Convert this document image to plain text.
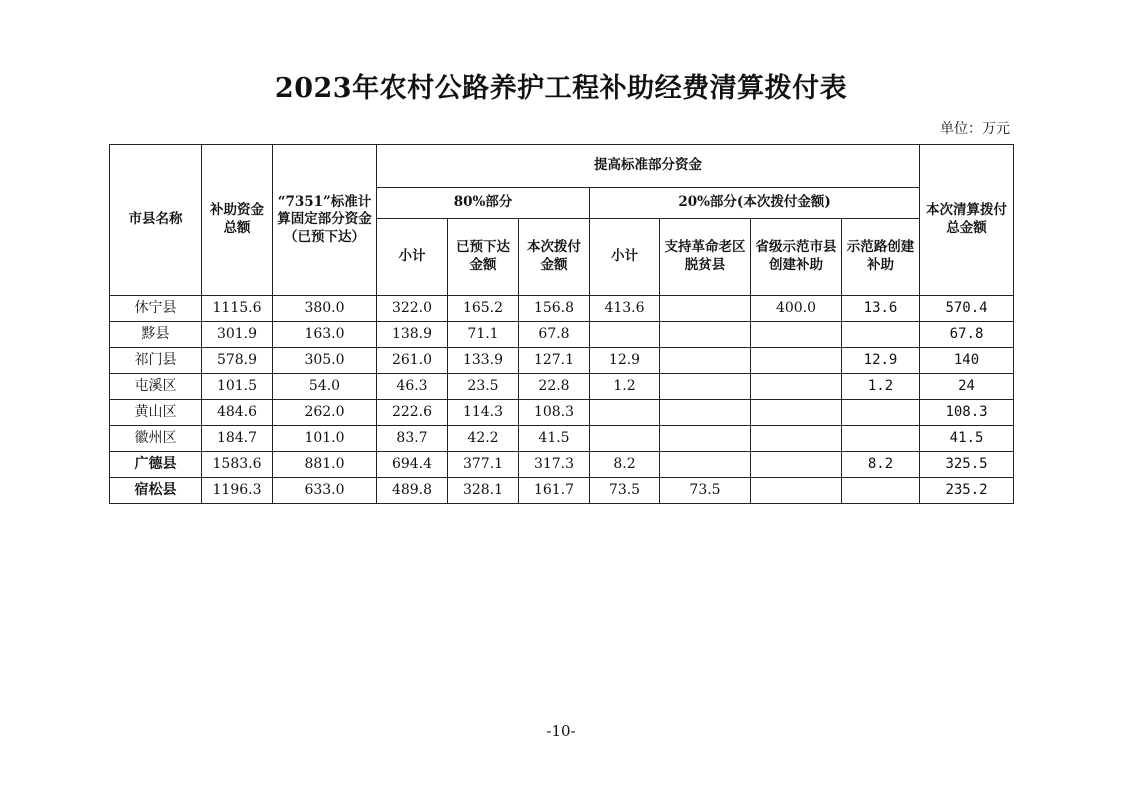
2023年农村公路养护工程补助经费清算拨付表
单位：万元
市县名称	补助资金总额	“7351”标准计算固定部分资金（已预下达）	提高标准部分资金							本次清算拨付总金额
			80%部分			20%部分(本次拨付金额)				
			小计	已预下达金额	本次拨付金额	小计	支持革命老区脱贫县	省级示范市县创建补助	示范路创建补助	
休宁县	1115.6	380.0	322.0	165.2	156.8	413.6		400.0	13.6	570.4
黟县	301.9	163.0	138.9	71.1	67.8					67.8
祁门县	578.9	305.0	261.0	133.9	127.1	12.9			12.9	140
屯溪区	101.5	54.0	46.3	23.5	22.8	1.2			1.2	24
黄山区	484.6	262.0	222.6	114.3	108.3					108.3
徽州区	184.7	101.0	83.7	42.2	41.5					41.5
广德县	1583.6	881.0	694.4	377.1	317.3	8.2			8.2	325.5
宿松县	1196.3	633.0	489.8	328.1	161.7	73.5	73.5			235.2
-10-
